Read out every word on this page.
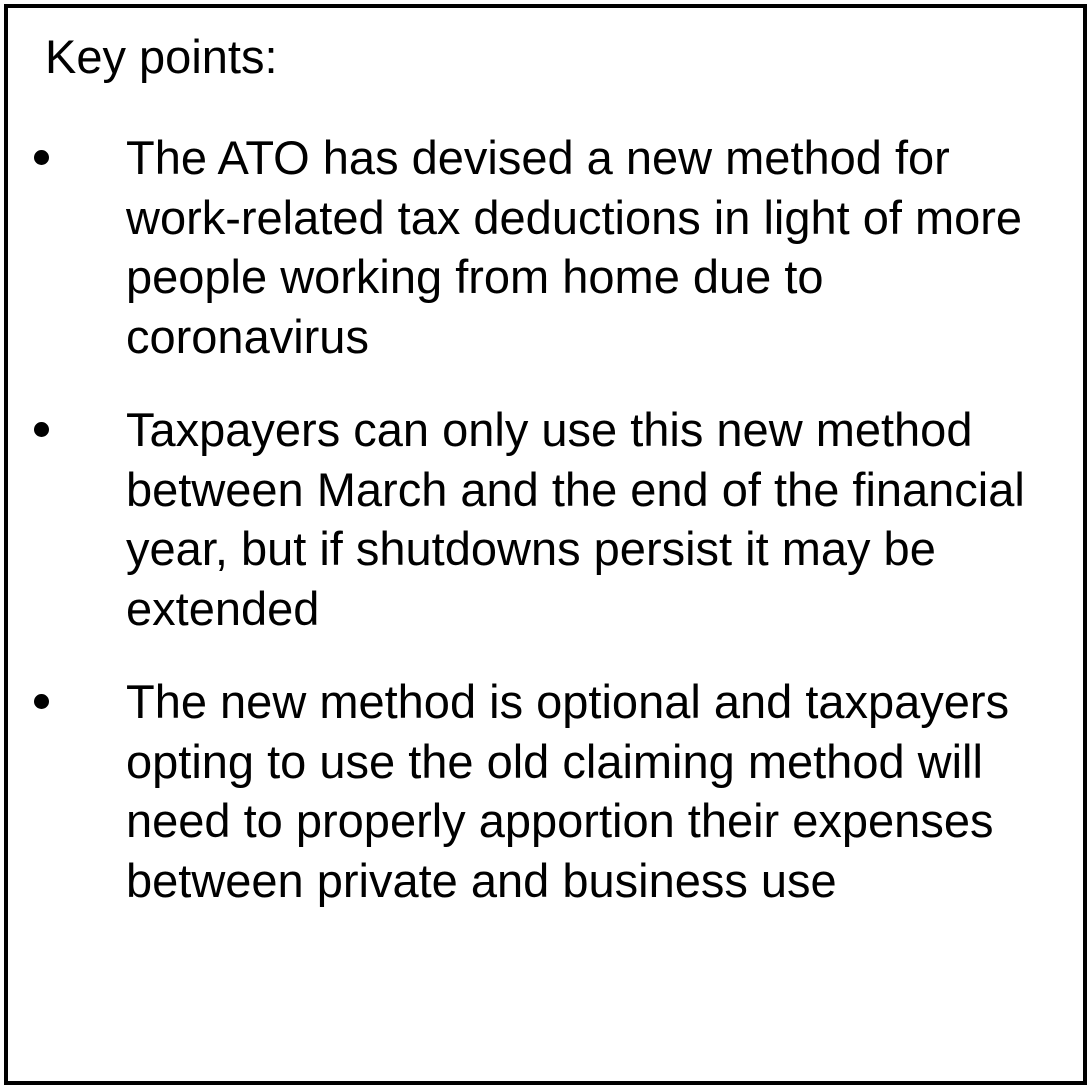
Key points:
The ATO has devised a new method for work-related tax deductions in light of more people working from home due to coronavirus
Taxpayers can only use this new method between March and the end of the financial year, but if shutdowns persist it may be extended
The new method is optional and taxpayers opting to use the old claiming method will need to properly apportion their expenses between private and business use
